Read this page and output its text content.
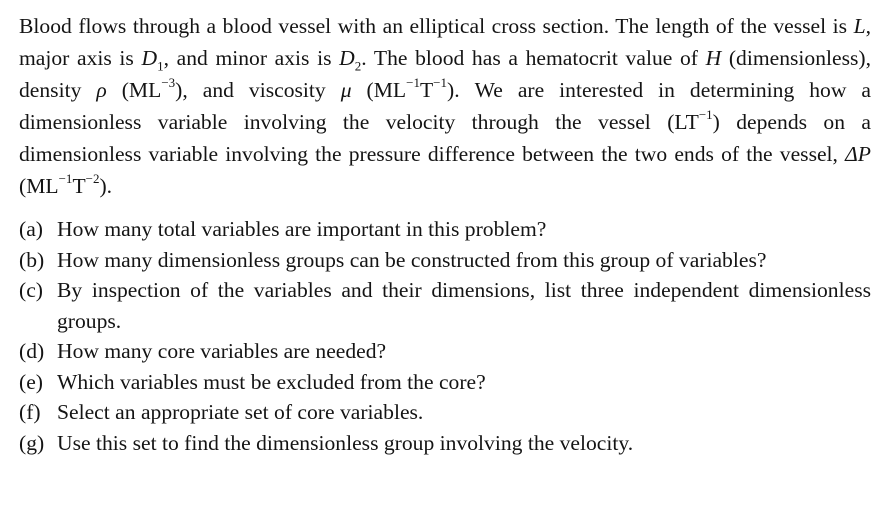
Blood flows through a blood vessel with an elliptical cross section. The length of the vessel is L, major axis is $D_1$, and minor axis is $D_2$. The blood has a hematocrit value of H (dimensionless), density ρ $(ML^{-3})$, and viscosity μ $(ML^{-1}T^{-1})$. We are interested in determining how a dimensionless variable involving the velocity through the vessel $(LT^{-1})$ depends on a dimensionless variable involving the pressure difference between the two ends of the vessel, ΔP $(ML^{-1}T^{-2})$.

(a) How many total variables are important in this problem?
(b) How many dimensionless groups can be constructed from this group of variables?
(c) By inspection of the variables and their dimensions, list three independent dimensionless groups.
(d) How many core variables are needed?
(e) Which variables must be excluded from the core?
(f) Select an appropriate set of core variables.
(g) Use this set to find the dimensionless group involving the velocity.
